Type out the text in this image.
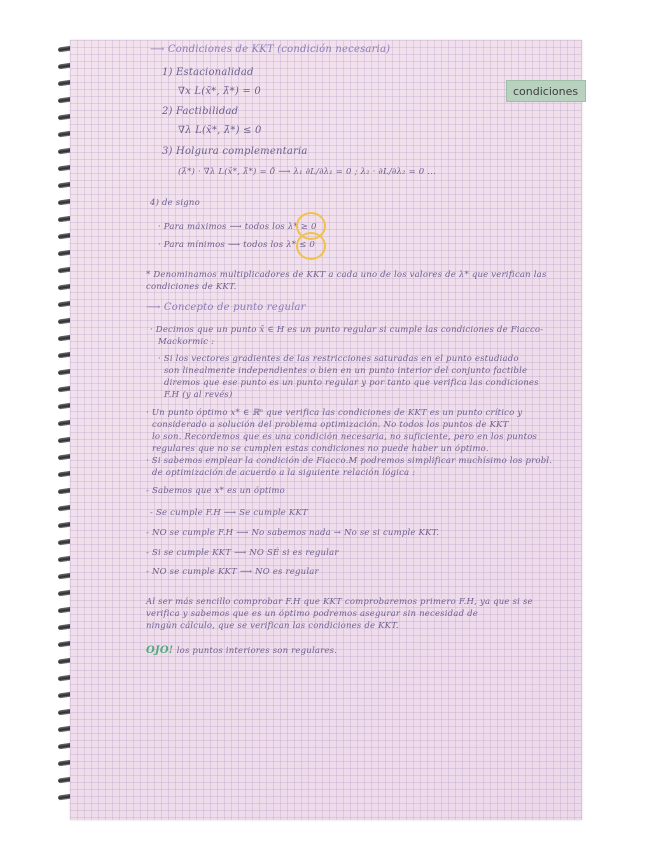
condiciones
⟶ Condiciones de KKT (condición necesaria)
1) Estacionalidad
∇x L(x̄*, λ̄*) = 0
2) Factibilidad
∇λ L(x̄*, λ̄*) ≤ 0
3) Holgura complementaria
(λ̄*) · ∇λ L(x̄*, λ̄*) = 0̄ ⟶ λ₁ ∂L/∂λ₁ = 0 ; λ₂ · ∂L/∂λ₂ = 0 ...
4) de signo
· Para máximos ⟶ todos los λ* ≥ 0
· Para mínimos ⟶ todos los λ* ≤ 0
* Denominamos multiplicadores de KKT a cada uno de los valores de λ* que verifican las
condiciones de KKT.
⟶ Concepto de punto regular
· Decimos que un punto x̄ ∈ H es un punto regular si cumple las condiciones de Fiacco-
Mackormic :
· Si los vectores gradientes de las restricciones saturadas en el punto estudiado
son linealmente independientes o bien en un punto interior del conjunto factible
diremos que ese punto es un punto regular y por tanto que verifica las condiciones
F.H (y al revés)
· Un punto óptimo x* ∈ ℝⁿ que verifica las condiciones de KKT es un punto crítico y
considerado a solución del problema optimización. No todos los puntos de KKT
lo son. Recordemos que es una condición necesaria, no suficiente, pero en los puntos
regulares que no se cumplen estas condiciones no puede haber un óptimo.
· Si sabemos emplear la condición de Fiacco.M podremos simplificar muchísimo los probl.
de optimización de acuerdo a la siguiente relación lógica :
- Sabemos que x* es un óptimo
- Se cumple F.H ⟶ Se cumple KKT
- NO se cumple F.H ⟶ No sabemos nada → No se si cumple KKT.
- Si se cumple KKT ⟶ NO SÉ si es regular
- NO se cumple KKT ⟶ NO es regular
Al ser más sencillo comprobar F.H que KKT comprobaremos primero F.H, ya que si se
verifica y sabemos que es un óptimo podremos asegurar sin necesidad de
ningún cálculo, que se verifican las condiciones de KKT.
OJO! los puntos interiores son regulares.
